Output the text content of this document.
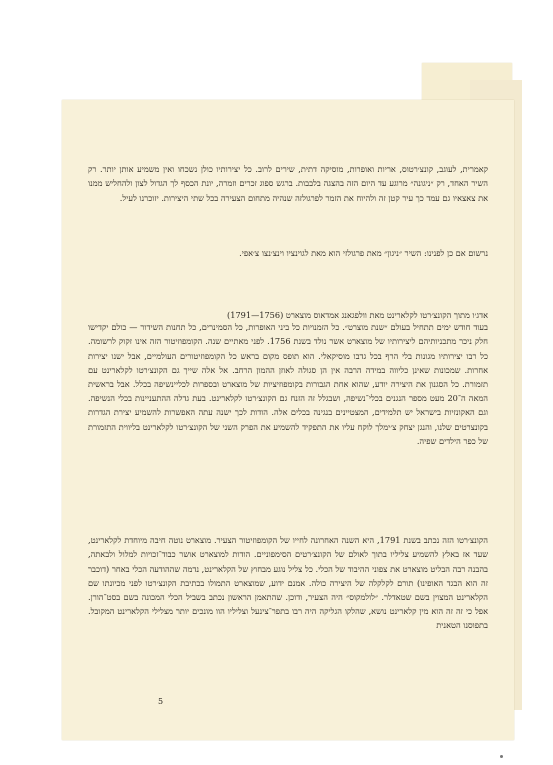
קאמרית, לעוגב, קונצ׳רטוס, אריות ואופרות, מוסיקה דתית, שירים לרוב. כל יצירותיו כולן נשכחו ואין משמיע אותן יותר. רק השיר האחד, רק ״ניגונה״ מרוגע עד היום הזה בהצגה בלבבות. ברגש ספוג זכרים וזמרה, יונת הכסף לך הגדול לצון ולהחליש ממנו את צאצאיו גם עמד כך עיר קטן זה ולהיוח את הזמר לפרגולזה שנהיה מתחום הצעירה בכל שתי היצירות. יזוכרנו לעיל.

נרשום אם כן לפנינו: השיר ״ניגון״ מאת פרגולזי הוא מאת לגוינציו וינצ׳נצו צ׳אפי.

אדג׳ו מתוך הקונצ׳רטו לקלארינט מאת וולפגאנג אמדאוס מוצארט (1756—1791)

בעוד חודש ימים תתחיל בעולם ״שנת מוצרט״. כל הזמנויות כל ביני האופרות, כל הסמינרים, כל תחנות השידור — כולם יקדישו חלק ניכר מתכניותיהם ליצירותיו של מוצארט אשר נולד בשנת 1756. לפני מאתיים שנה. הקומפוזיטור הזה אינו זקוק לרשומה. כל רבו יצירותיו מגונות בלי הרף בכל גדבו מוסיקאלי. הוא תופס מקום בראש כל הקומפוזיטורים העולמיים, אבל ישנו יצירות אחרות. שמכונות שאינן כליווה במידה הרבה אין הן סגולה לאוזן ההמון הרחב. אל אלה שייך גם הקונצ׳רטו לקלארינט עם תזמורת. כל הסגנון את היצירה יודע, שהוא אחת הגבורות בקומפוזיציות של מוצארט ובספרות לכליינשיפה בכלל. אבל בראשית המאה ה־20 מעט מספר הנגנים בכלי־נשיפה, ושבגלל זה הזנח גם הקונצ׳רטו לקלארינט. בעת גדלה ההתעניינות בכלי הנשיפה. וגם האקונזיות בישראל יש תלמידים, המצטיינים בנגינה בכלים אלה. הודות לכך ישנה עתה האפשרות להשמיע יצירת הגדרות בקונצרטים שלנו, והנגן יצחק צ׳ימלך לוקח עליו את התפקיד להשמיע את הפרק השני של הקונצ׳רטו לקלארינט בליווית התזמורת של כפר הילדים שפיה.

הקונצ׳רטו הזה נכתב בשנת 1791, היא השנה האחרונה לחייו של הקומפוזיטור הצעיר. מוצארט נוטה חיבה מיוחדת לקלארינט, שעד אז באלץ להשמיע צליליו בתוך לאולם של הקונצ׳רטים הסימפוניים. הודות למוצארט אושר כבוד־זכויות למלול ולבאתה, בהבנה רבה הבליט מוצארט את צפוני ההיבוד של הכלי. כל צליל נוגע מבחוץ של הקלארינט, נדמה שההודעה הכלי באחר (דוכבר זה הוא הבגד האופינו) תורם לקלקלה של היצירה כולה. אמנם ידוע, שמוצארט התמולו בכתיבת הקונצ׳רטו לפני מכיונתו שם הקלארינט המצוין בשם שטאדלר. ״לולמקוס״ היה הצעיר, ודוכן. שהתאמן הראשון נכתב בשביל הכלי המכונה בשם בסט־הורן. אפל כי זה זה הוא מין קלארינט נושא, שהלקו הגליקה היה רבו בתפר־צינעל וצליליו הוו מונכים יותר מצלילי הקלארינט המקובל. בתפוסנו הטאנית

5
